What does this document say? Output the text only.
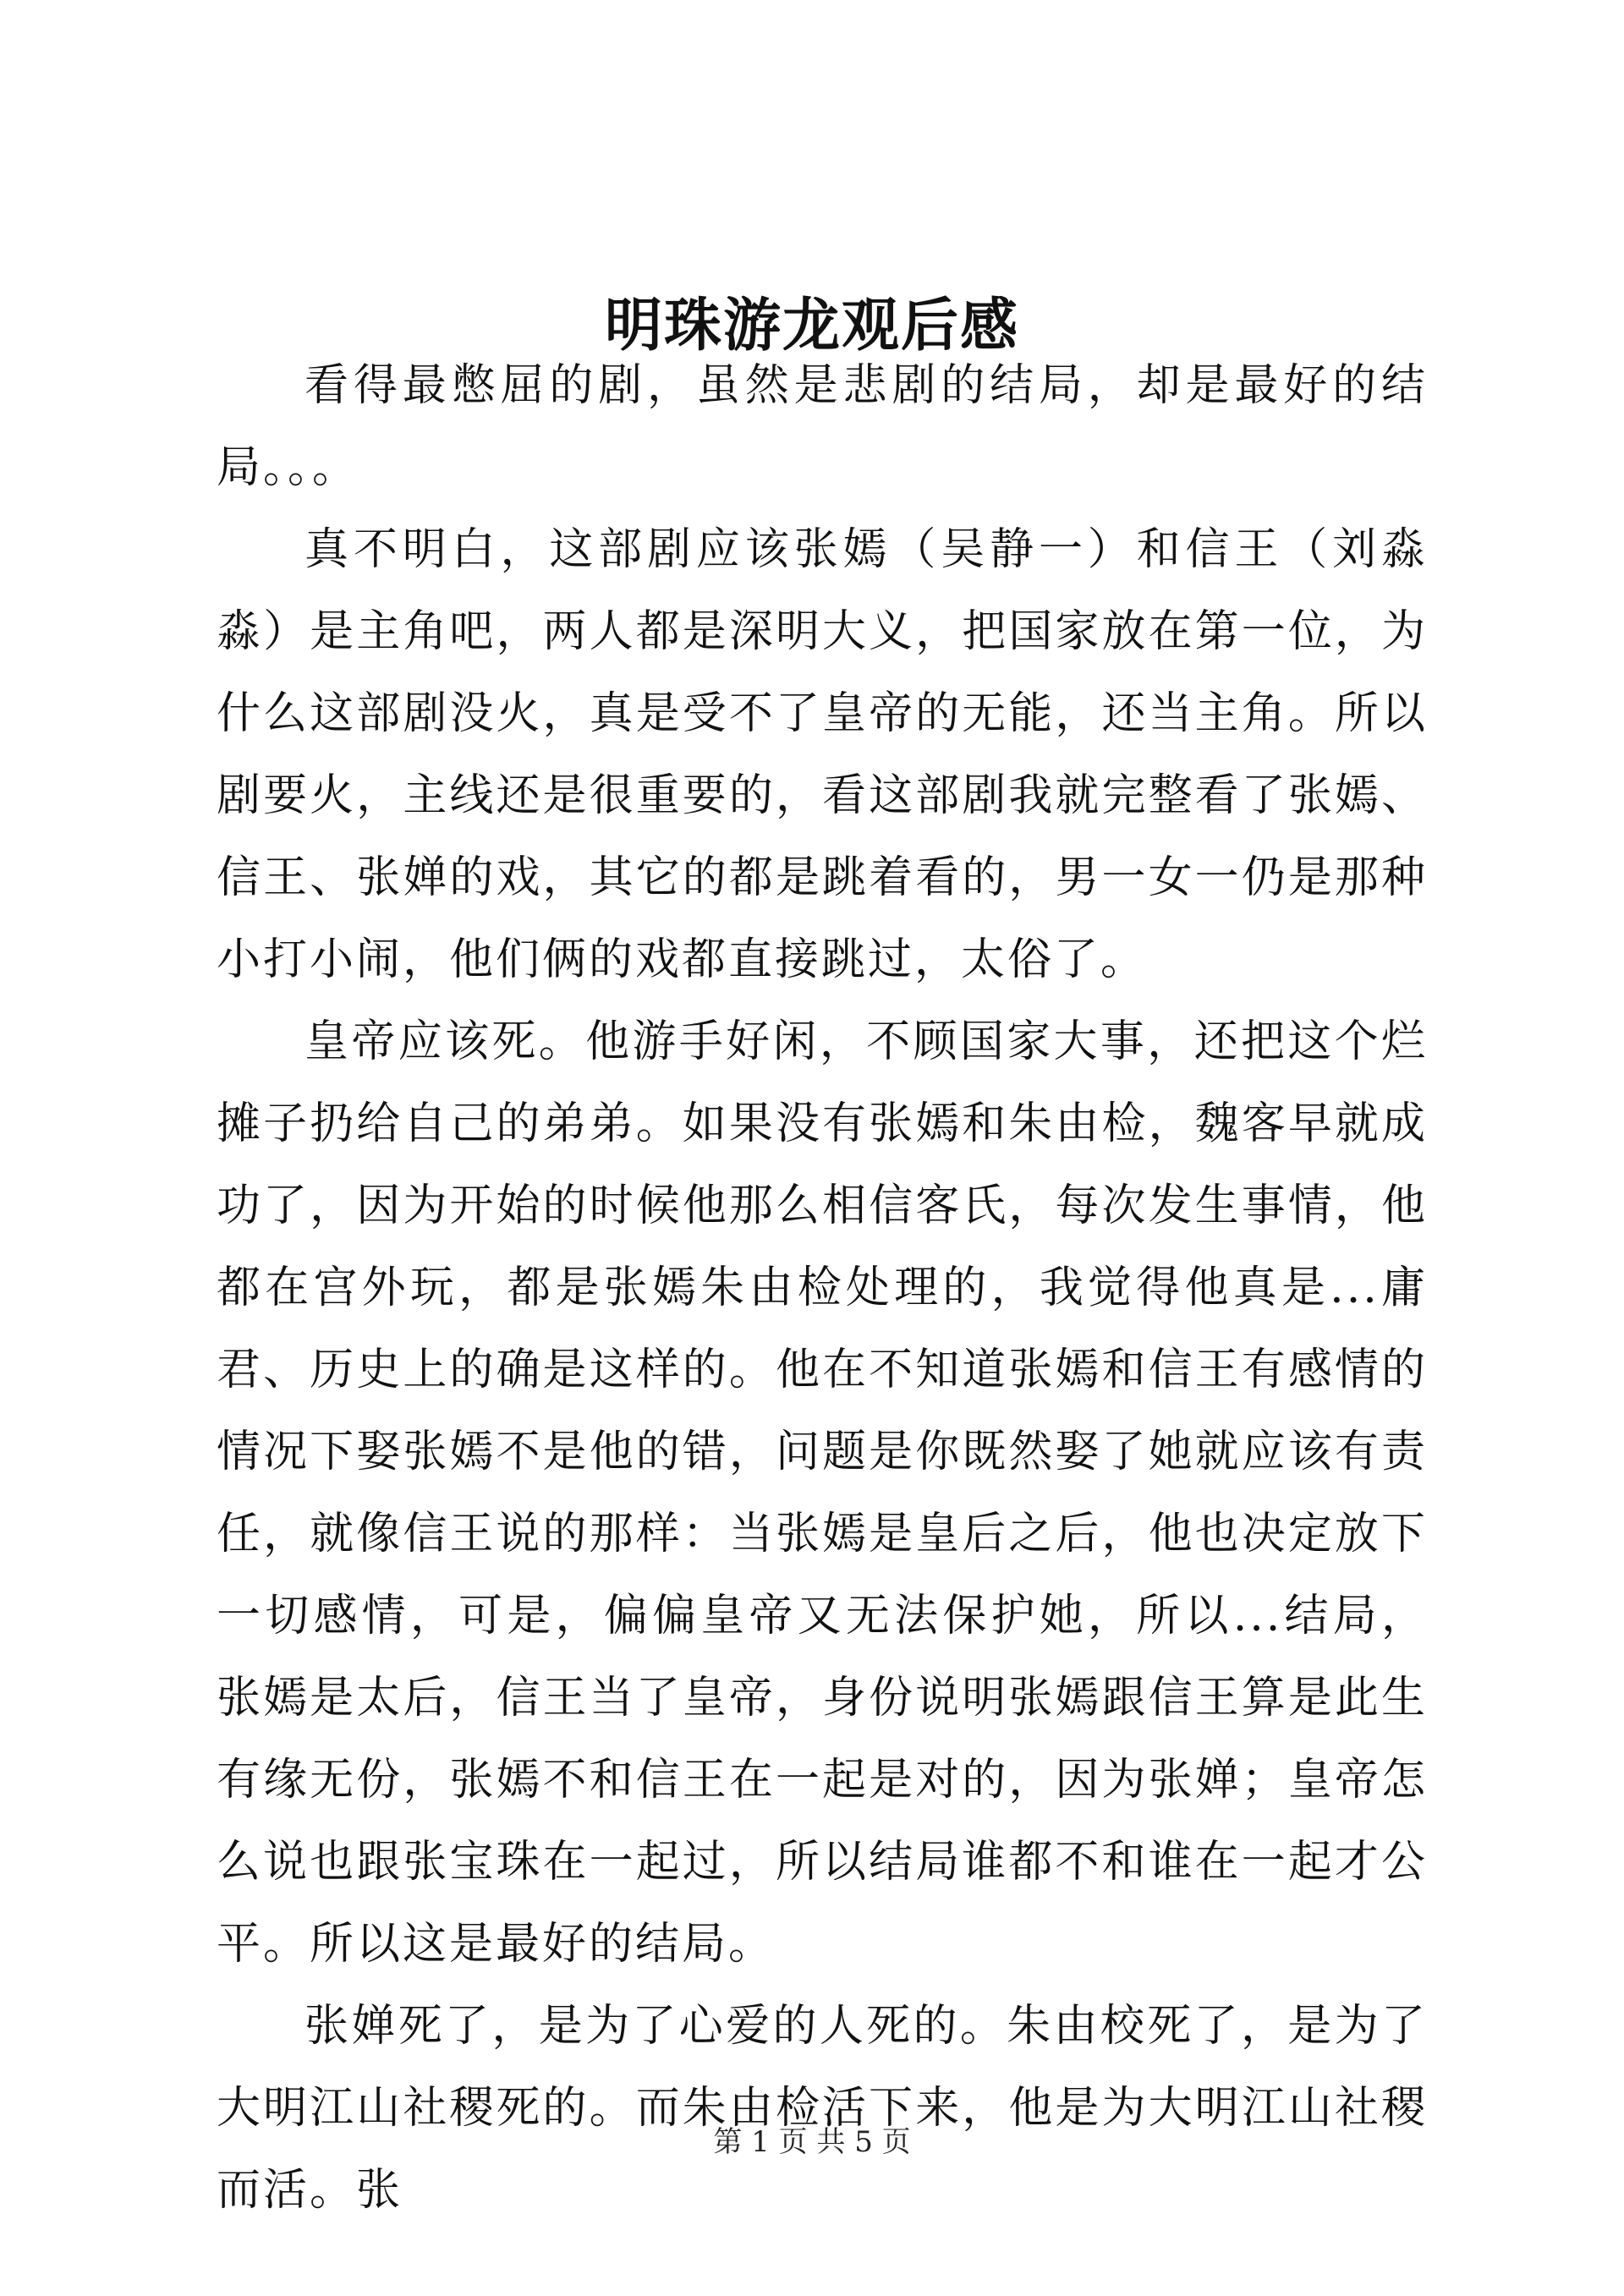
明珠游龙观后感

看得最憋屈的剧，虽然是悲剧的结局，却是最好的结局。。。

真不明白，这部剧应该张嫣（吴静一）和信王（刘淼淼）是主角吧，两人都是深明大义，把国家放在第一位，为什么这部剧没火，真是受不了皇帝的无能，还当主角。所以剧要火，主线还是很重要的，看这部剧我就完整看了张嫣、信王、张婵的戏，其它的都是跳着看的，男一女一仍是那种小打小闹，他们俩的戏都直接跳过，太俗了。

皇帝应该死。他游手好闲，不顾国家大事，还把这个烂摊子扔给自己的弟弟。如果没有张嫣和朱由检，魏客早就成功了，因为开始的时候他那么相信客氏，每次发生事情，他都在宫外玩，都是张嫣朱由检处理的，我觉得他真是...庸君、历史上的确是这样的。他在不知道张嫣和信王有感情的情况下娶张嫣不是他的错，问题是你既然娶了她就应该有责任，就像信王说的那样：当张嫣是皇后之后，他也决定放下一切感情，可是，偏偏皇帝又无法保护她，所以...结局，张嫣是太后，信王当了皇帝，身份说明张嫣跟信王算是此生有缘无份，张嫣不和信王在一起是对的，因为张婵；皇帝怎么说也跟张宝珠在一起过，所以结局谁都不和谁在一起才公平。所以这是最好的结局。

张婵死了，是为了心爱的人死的。朱由校死了，是为了大明江山社稷死的。而朱由检活下来，他是为大明江山社稷而活。张

第 1 页 共 5 页
